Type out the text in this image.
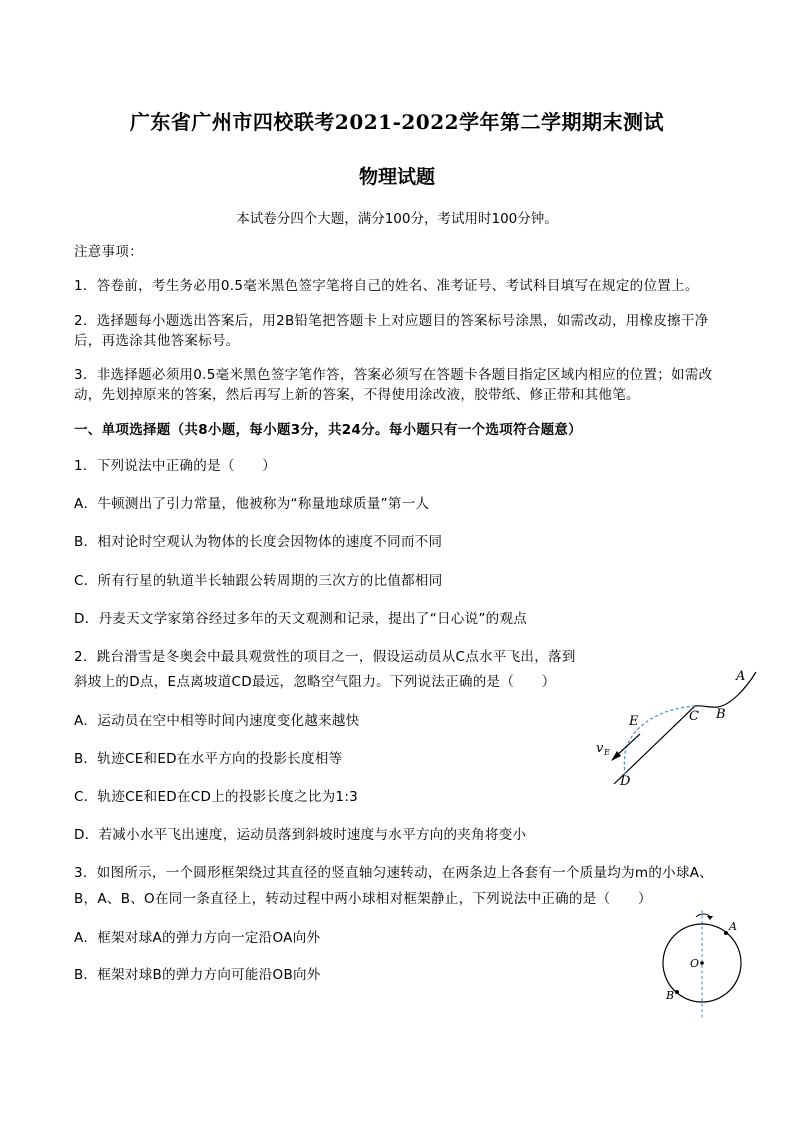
广东省广州市四校联考2021-2022学年第二学期期末测试
物理试题
本试卷分四个大题，满分100分，考试用时100分钟。
注意事项：
1．答卷前，考生务必用0.5毫米黑色签字笔将自己的姓名、准考证号、考试科目填写在规定的位置上。
2．选择题每小题选出答案后，用2B铅笔把答题卡上对应题目的答案标号涂黑，如需改动，用橡皮擦干净
后，再选涂其他答案标号。
3．非选择题必须用0.5毫米黑色签字笔作答，答案必须写在答题卡各题目指定区域内相应的位置；如需改
动，先划掉原来的答案，然后再写上新的答案，不得使用涂改液，胶带纸、修正带和其他笔。
一、单项选择题（共8小题，每小题3分，共24分。每小题只有一个选项符合题意）
1．下列说法中正确的是（　　）
A．牛顿测出了引力常量，他被称为“称量地球质量”第一人
B．相对论时空观认为物体的长度会因物体的速度不同而不同
C．所有行星的轨道半长轴跟公转周期的三次方的比值都相同
D．丹麦天文学家第谷经过多年的天文观测和记录，提出了“日心说”的观点
2．跳台滑雪是冬奥会中最具观赏性的项目之一，假设运动员从C点水平飞出，落到
斜坡上的D点，E点离坡道CD最远，忽略空气阻力。下列说法正确的是（　　）
A．运动员在空中相等时间内速度变化越来越快
B．轨迹CE和ED在水平方向的投影长度相等
C．轨迹CE和ED在CD上的投影长度之比为1:3
D．若减小水平飞出速度，运动员落到斜坡时速度与水平方向的夹角将变小
A
B
C
E
D
v E
3．如图所示，一个圆形框架绕过其直径的竖直轴匀速转动，在两条边上各套有一个质量均为m的小球A、
B，A、B、O在同一条直径上，转动过程中两小球相对框架静止，下列说法中正确的是（　　）
A．框架对球A的弹力方向一定沿OA向外
B．框架对球B的弹力方向可能沿OB向外
A
O
B
